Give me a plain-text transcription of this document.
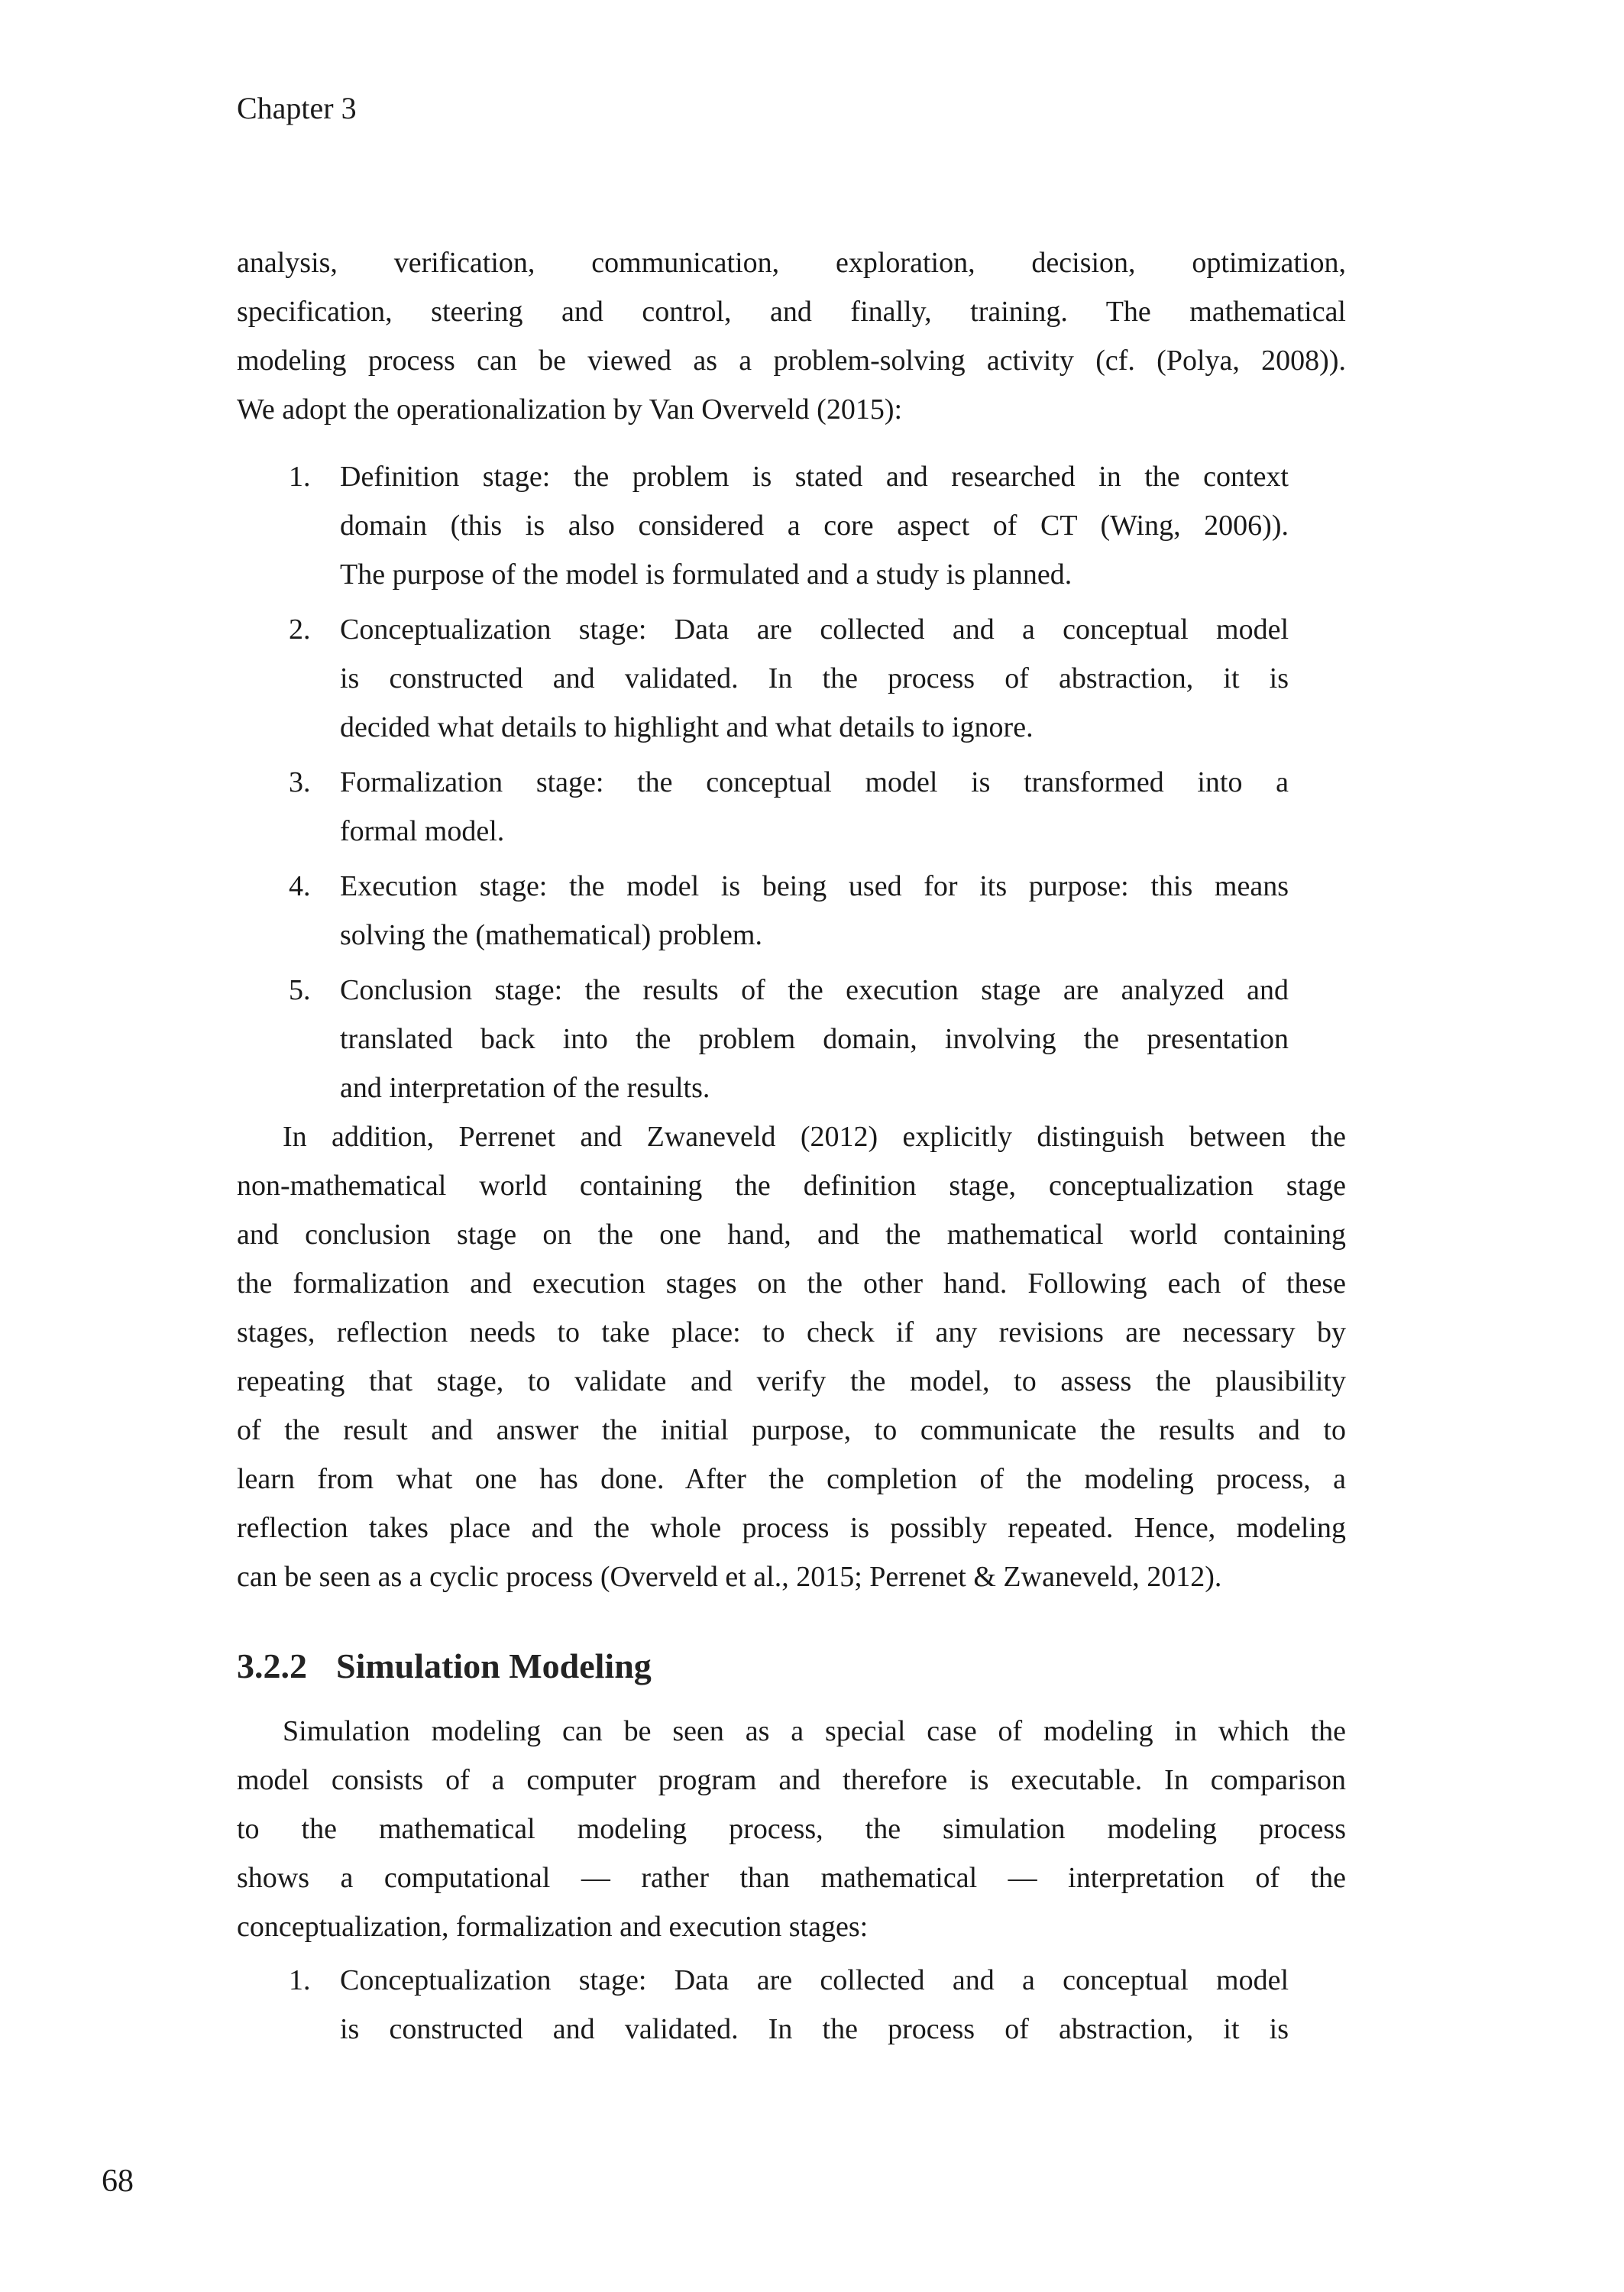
Chapter 3
analysis, verification, communication, exploration, decision, optimization,
specification, steering and control, and finally, training. The mathematical
modeling process can be viewed as a problem-solving activity (cf. (Polya, 2008)).
We adopt the operationalization by Van Overveld (2015):
1. Definition stage: the problem is stated and researched in the context
domain (this is also considered a core aspect of CT (Wing, 2006)).
The purpose of the model is formulated and a study is planned.
2. Conceptualization stage: Data are collected and a conceptual model
is constructed and validated. In the process of abstraction, it is
decided what details to highlight and what details to ignore.
3. Formalization stage: the conceptual model is transformed into a
formal model.
4. Execution stage: the model is being used for its purpose: this means
solving the (mathematical) problem.
5. Conclusion stage: the results of the execution stage are analyzed and
translated back into the problem domain, involving the presentation
and interpretation of the results.
In addition, Perrenet and Zwaneveld (2012) explicitly distinguish between the
non-mathematical world containing the definition stage, conceptualization stage
and conclusion stage on the one hand, and the mathematical world containing
the formalization and execution stages on the other hand. Following each of these
stages, reflection needs to take place: to check if any revisions are necessary by
repeating that stage, to validate and verify the model, to assess the plausibility
of the result and answer the initial purpose, to communicate the results and to
learn from what one has done. After the completion of the modeling process, a
reflection takes place and the whole process is possibly repeated. Hence, modeling
can be seen as a cyclic process (Overveld et al., 2015; Perrenet & Zwaneveld, 2012).
3.2.2 Simulation Modeling
Simulation modeling can be seen as a special case of modeling in which the
model consists of a computer program and therefore is executable. In comparison
to the mathematical modeling process, the simulation modeling process
shows a computational — rather than mathematical — interpretation of the
conceptualization, formalization and execution stages:
1. Conceptualization stage: Data are collected and a conceptual model
is constructed and validated. In the process of abstraction, it is
68
